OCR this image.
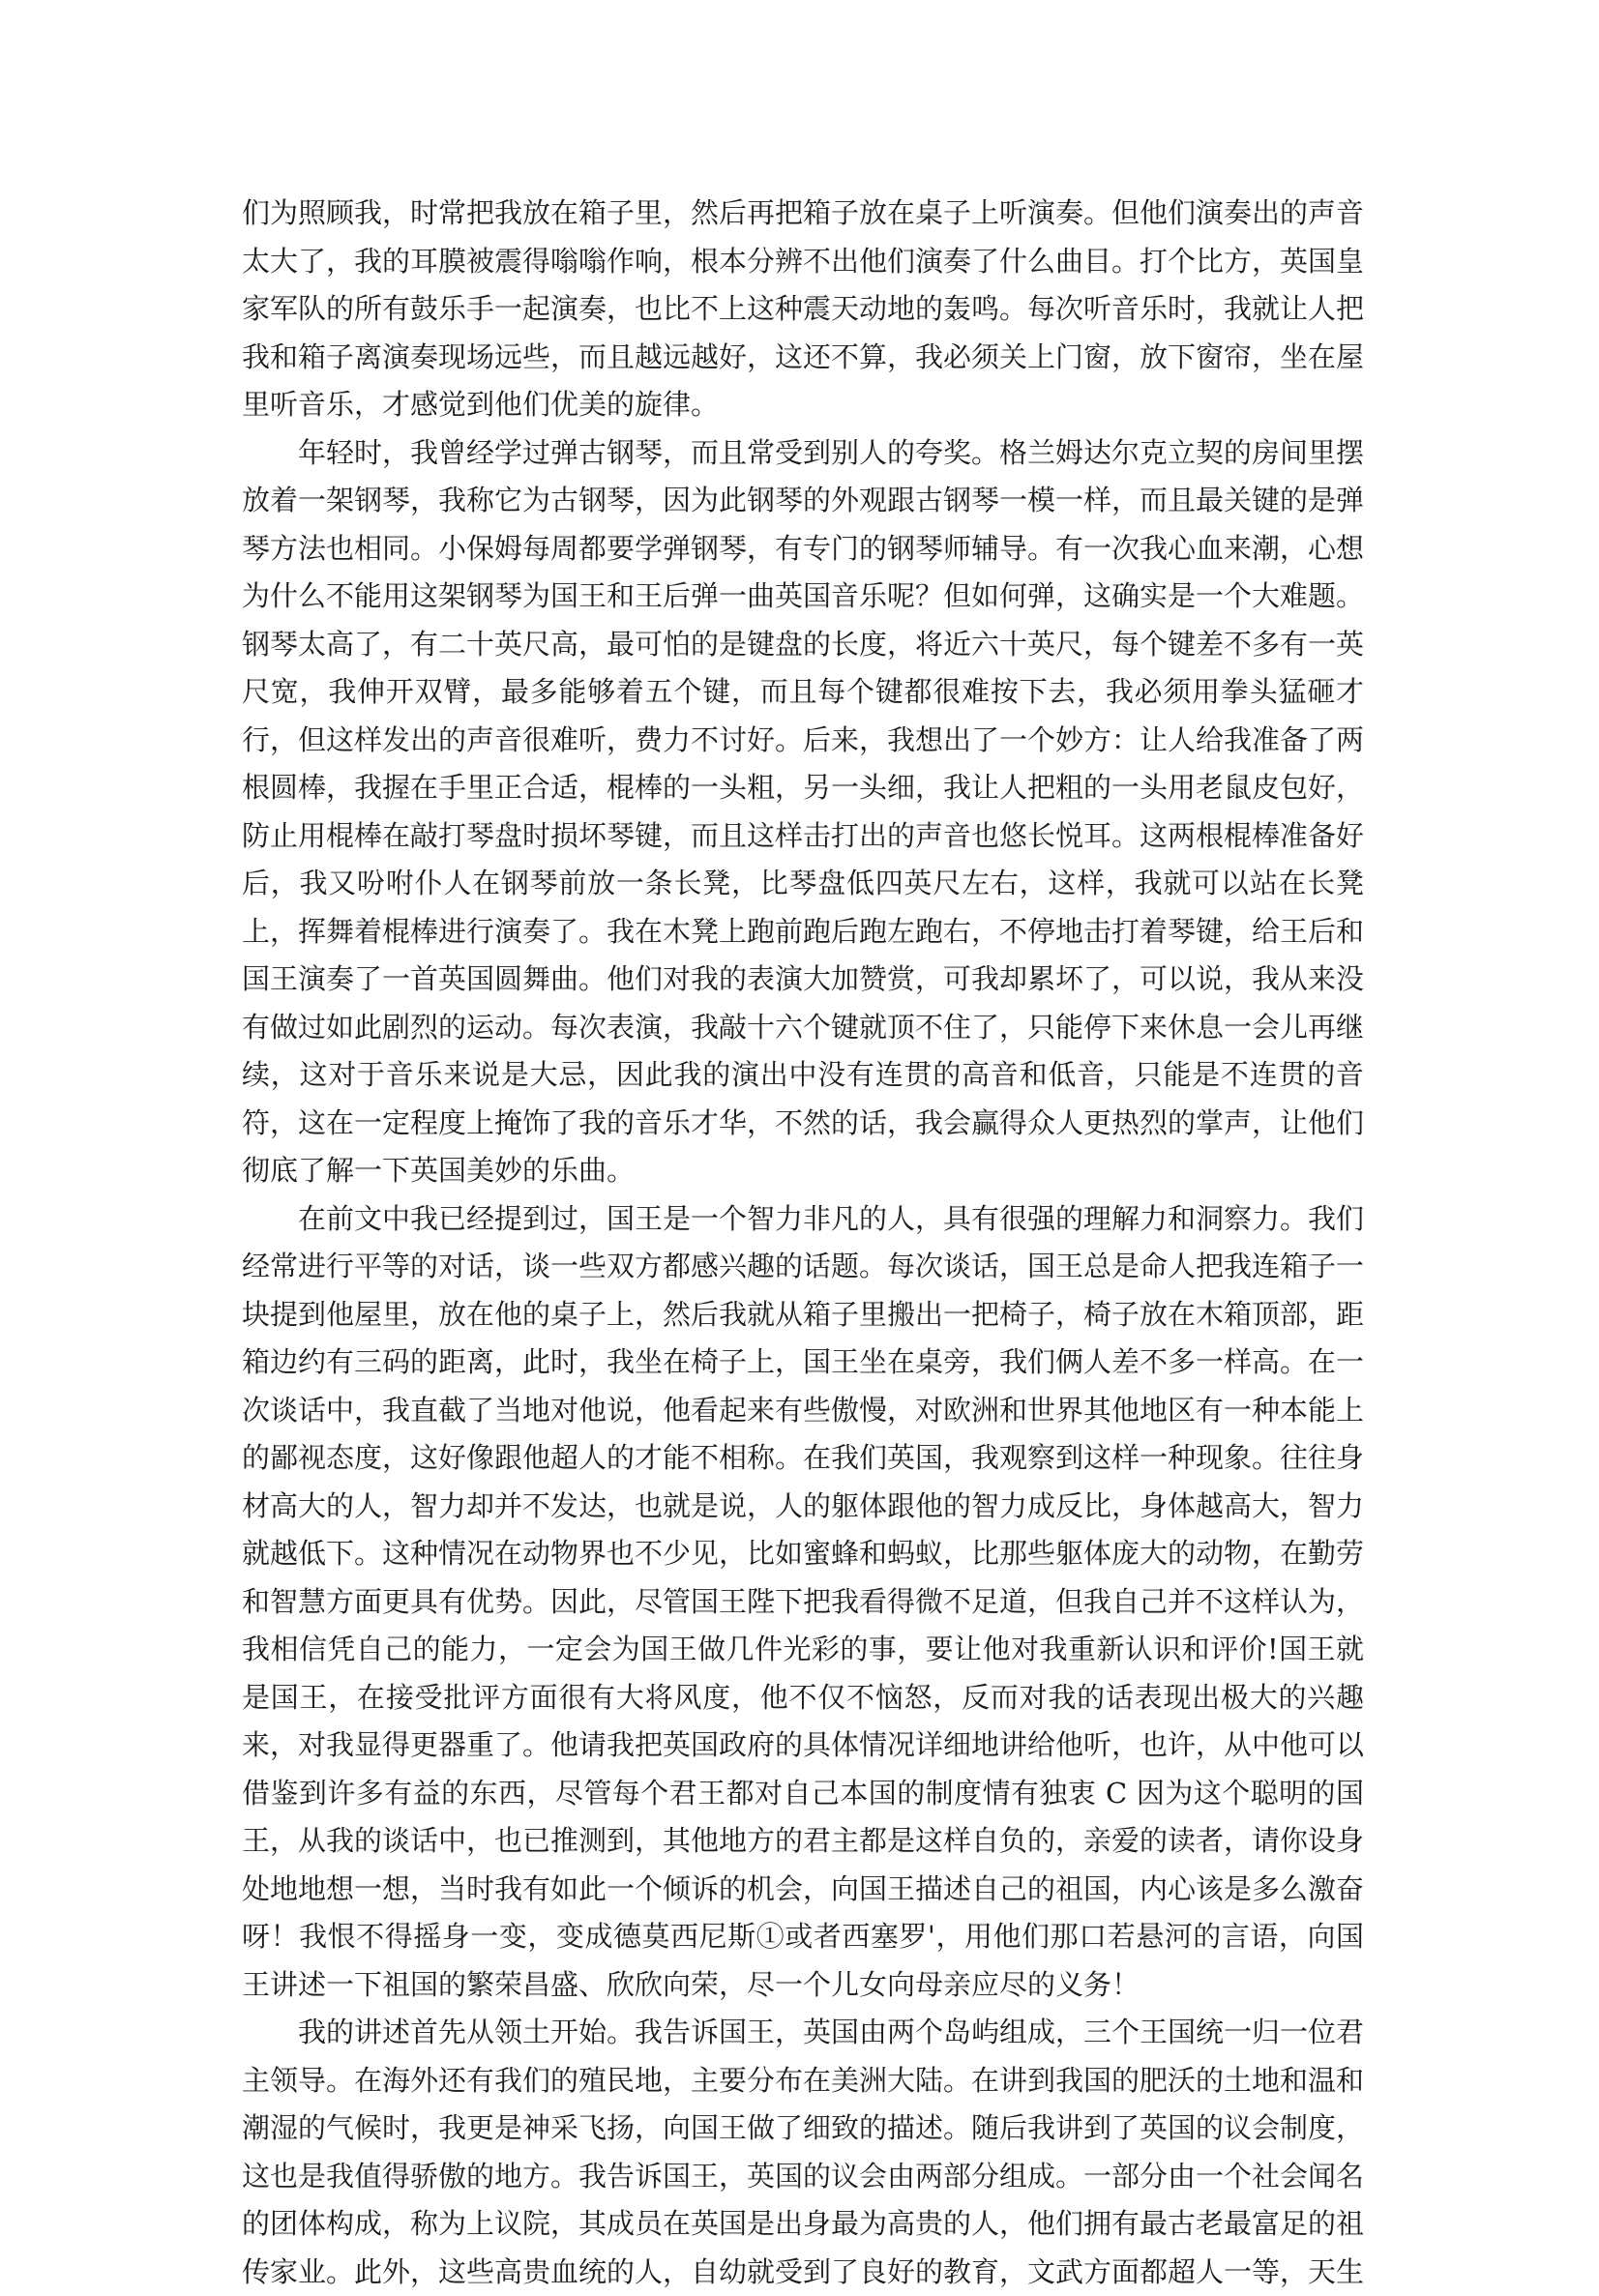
们为照顾我，时常把我放在箱子里，然后再把箱子放在桌子上听演奏。但他们演奏出的声音太大了，我的耳膜被震得嗡嗡作响，根本分辨不出他们演奏了什么曲目。打个比方，英国皇家军队的所有鼓乐手一起演奏，也比不上这种震天动地的轰鸣。每次听音乐时，我就让人把我和箱子离演奏现场远些，而且越远越好，这还不算，我必须关上门窗，放下窗帘，坐在屋里听音乐，才感觉到他们优美的旋律。

年轻时，我曾经学过弹古钢琴，而且常受到别人的夸奖。格兰姆达尔克立契的房间里摆放着一架钢琴，我称它为古钢琴，因为此钢琴的外观跟古钢琴一模一样，而且最关键的是弹琴方法也相同。小保姆每周都要学弹钢琴，有专门的钢琴师辅导。有一次我心血来潮，心想为什么不能用这架钢琴为国王和王后弹一曲英国音乐呢？但如何弹，这确实是一个大难题。钢琴太高了，有二十英尺高，最可怕的是键盘的长度，将近六十英尺，每个键差不多有一英尺宽，我伸开双臂，最多能够着五个键，而且每个键都很难按下去，我必须用拳头猛砸才行，但这样发出的声音很难听，费力不讨好。后来，我想出了一个妙方：让人给我准备了两根圆棒，我握在手里正合适，棍棒的一头粗，另一头细，我让人把粗的一头用老鼠皮包好，防止用棍棒在敲打琴盘时损坏琴键，而且这样击打出的声音也悠长悦耳。这两根棍棒准备好后，我又吩咐仆人在钢琴前放一条长凳，比琴盘低四英尺左右，这样，我就可以站在长凳上，挥舞着棍棒进行演奏了。我在木凳上跑前跑后跑左跑右，不停地击打着琴键，给王后和国王演奏了一首英国圆舞曲。他们对我的表演大加赞赏，可我却累坏了，可以说，我从来没有做过如此剧烈的运动。每次表演，我敲十六个键就顶不住了，只能停下来休息一会儿再继续，这对于音乐来说是大忌，因此我的演出中没有连贯的高音和低音，只能是不连贯的音符，这在一定程度上掩饰了我的音乐才华，不然的话，我会赢得众人更热烈的掌声，让他们彻底了解一下英国美妙的乐曲。

在前文中我已经提到过，国王是一个智力非凡的人，具有很强的理解力和洞察力。我们经常进行平等的对话，谈一些双方都感兴趣的话题。每次谈话，国王总是命人把我连箱子一块提到他屋里，放在他的桌子上，然后我就从箱子里搬出一把椅子，椅子放在木箱顶部，距箱边约有三码的距离，此时，我坐在椅子上，国王坐在桌旁，我们俩人差不多一样高。在一次谈话中，我直截了当地对他说，他看起来有些傲慢，对欧洲和世界其他地区有一种本能上的鄙视态度，这好像跟他超人的才能不相称。在我们英国，我观察到这样一种现象。往往身材高大的人，智力却并不发达，也就是说，人的躯体跟他的智力成反比，身体越高大，智力就越低下。这种情况在动物界也不少见，比如蜜蜂和蚂蚁，比那些躯体庞大的动物，在勤劳和智慧方面更具有优势。因此，尽管国王陛下把我看得微不足道，但我自己并不这样认为，我相信凭自己的能力，一定会为国王做几件光彩的事，要让他对我重新认识和评价!国王就是国王，在接受批评方面很有大将风度，他不仅不恼怒，反而对我的话表现出极大的兴趣来，对我显得更器重了。他请我把英国政府的具体情况详细地讲给他听，也许，从中他可以借鉴到许多有益的东西，尽管每个君王都对自己本国的制度情有独衷 C 因为这个聪明的国王，从我的谈话中，也已推测到，其他地方的君主都是这样自负的，亲爱的读者，请你设身处地地想一想，当时我有如此一个倾诉的机会，向国王描述自己的祖国，内心该是多么激奋呀！我恨不得摇身一变，变成德莫西尼斯①或者西塞罗'，用他们那口若悬河的言语，向国王讲述一下祖国的繁荣昌盛、欣欣向荣，尽一个儿女向母亲应尽的义务！

我的讲述首先从领土开始。我告诉国王，英国由两个岛屿组成，三个王国统一归一位君主领导。在海外还有我们的殖民地，主要分布在美洲大陆。在讲到我国的肥沃的土地和温和潮湿的气候时，我更是神采飞扬，向国王做了细致的描述。随后我讲到了英国的议会制度，这也是我值得骄傲的地方。我告诉国王，英国的议会由两部分组成。一部分由一个社会闻名的团体构成，称为上议院，其成员在英国是出身最为高贵的人，他们拥有最古老最富足的祖传家业。此外，这些高贵血统的人，自幼就受到了良好的教育，文武方面都超人一等，天生
